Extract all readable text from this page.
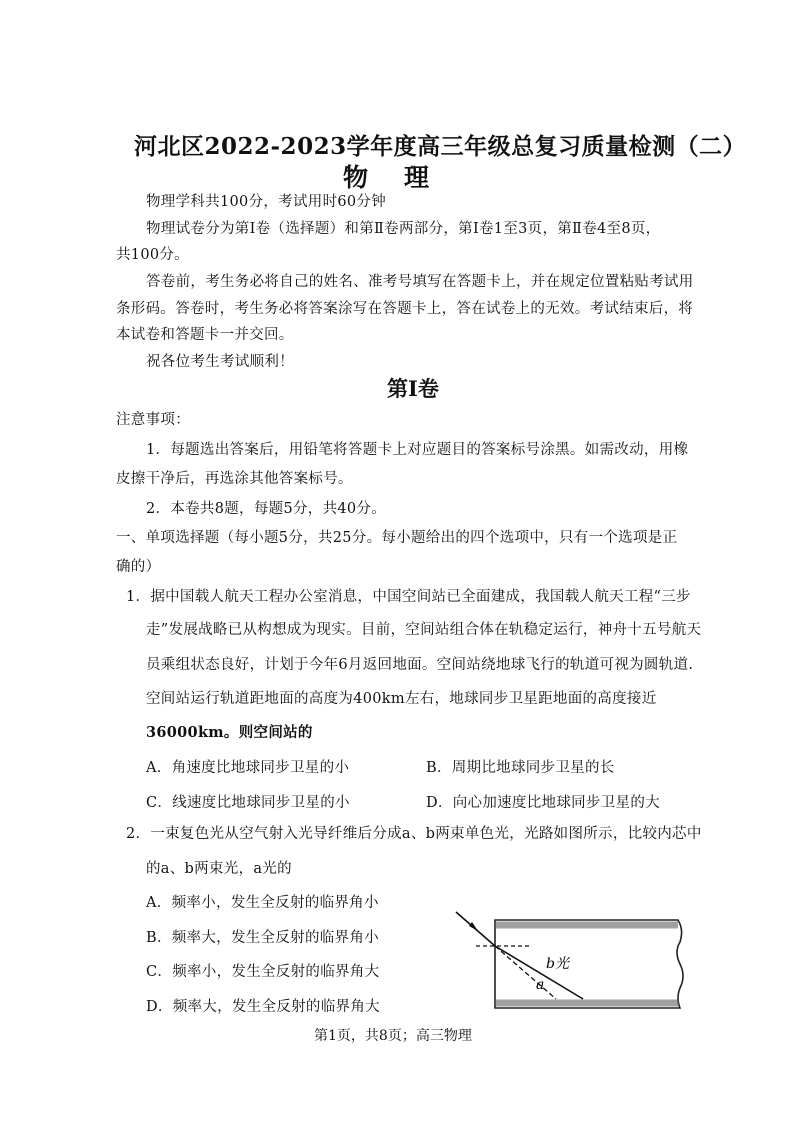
河北区2022-2023学年度高三年级总复习质量检测（二）
物理
物理学科共100分，考试用时60分钟
物理试卷分为第Ⅰ卷（选择题）和第Ⅱ卷两部分，第Ⅰ卷1至3页，第Ⅱ卷4至8页，
共100分。
答卷前，考生务必将自己的姓名、准考号填写在答题卡上，并在规定位置粘贴考试用
条形码。答卷时，考生务必将答案涂写在答题卡上，答在试卷上的无效。考试结束后，将
本试卷和答题卡一并交回。
祝各位考生考试顺利！
第Ⅰ卷
注意事项：
1．每题选出答案后，用铅笔将答题卡上对应题目的答案标号涂黑。如需改动，用橡
皮擦干净后，再选涂其他答案标号。
2．本卷共8题，每题5分，共40分。
一、单项选择题（每小题5分，共25分。每小题给出的四个选项中，只有一个选项是正
确的）
1．据中国载人航天工程办公室消息，中国空间站已全面建成，我国载人航天工程“三步
走”发展战略已从构想成为现实。目前，空间站组合体在轨稳定运行，神舟十五号航天
员乘组状态良好，计划于今年6月返回地面。空间站绕地球飞行的轨道可视为圆轨道.
空间站运行轨道距地面的高度为400km左右，地球同步卫星距地面的高度接近
36000km。则空间站的
A．角速度比地球同步卫星的小	B．周期比地球同步卫星的长
C．线速度比地球同步卫星的小	D．向心加速度比地球同步卫星的大
2．一束复色光从空气射入光导纤维后分成a、b两束单色光，光路如图所示，比较内芯中
的a、b两束光，a光的
A．频率小，发生全反射的临界角小
B．频率大，发生全反射的临界角小
C．频率小，发生全反射的临界角大
D．频率大，发生全反射的临界角大
b光
a
第1页，共8页；高三物理
